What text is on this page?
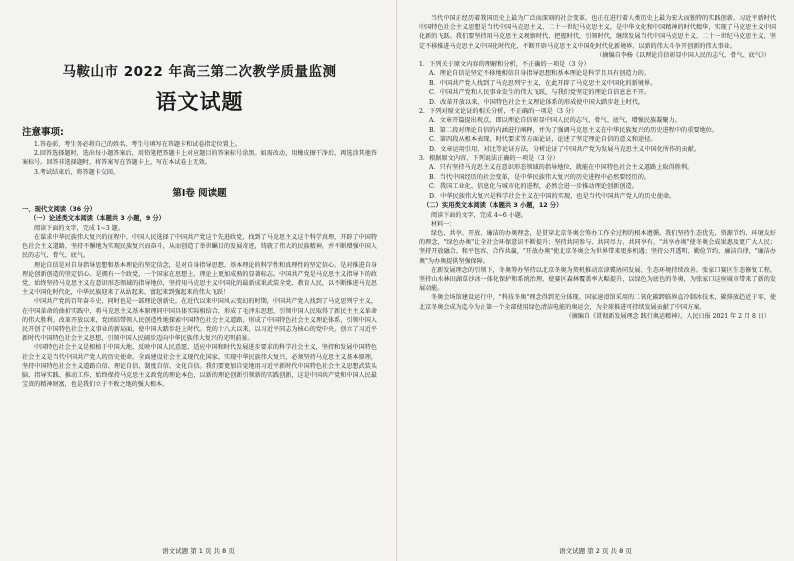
马鞍山市 2022 年高三第二次教学质量监测
语文试题
注意事项:

1.答卷前，考生务必将自己的姓名、考生号填写在答题卡和试卷指定位置上。

2.回答选择题时，选出每小题答案后，用铅笔把答题卡上对应题目的答案标号涂黑。如需改动，用橡皮擦干净后，再选涂其他答案标号。回答非选择题时，将答案写在答题卡上，写在本试卷上无效。

3.考试结束后，将答题卡交回。

第Ⅰ卷 阅读题

一、现代文阅读（36 分）

（一）论述类文本阅读（本题共 3 小题，9 分）

阅读下面的文字，完成 1~3 题。

在谋求中华民族伟大复兴的征程中，中国人民选择了中国共产党这个先进政党，找到了马克思主义这个科学真理，开辟了中国特色社会主义道路，坚持不懈地为实现民族复兴而奋斗，从而创造了举世瞩目的发展奇迹，铸就了伟大的民族精神，并不断增强中国人民的志气、骨气、底气。

理论自信是对自身指导思想和基本理论的坚定信念，是对自身指导思想、基本理论的科学性和真理性的坚定信心。是对推进自身理论创新创造的坚定信心。是拥有一个政党、一个国家在思想上、理论上更加成熟的显著标志。中国共产党是马克思主义指导下的政党，始终坚持马克思主义在意识形态领域的指导地位，坚持用马克思主义中国化的最新成果武装全党、教育人民，以不断推进马克思主义中国化时代化，中华民族迎来了从站起来、富起来到强起来的伟大飞跃！

中国共产党的百年奋斗史，同时也是一部理论创新史。在近代以来中国风云变幻的时期，中国共产党人找到了马克思列宁主义，在中国革命的曲折实践中，将马克思主义基本原理同中国具体实际相结合，形成了毛泽东思想，引领中国人民取得了新民主主义革命的伟大胜利。改革开放以来，党团结带领人民创造性地探索中国特色社会主义道路，形成了中国特色社会主义理论体系，引领中国人民开创了中国特色社会主义事业的新局面，使中国大踏步赶上时代。党的十八大以来，以习近平同志为核心的党中央，创立了习近平新时代中国特色社会主义思想，引领中国人民阔步迈向中华民族伟大复兴的光明前景。

中国特色社会主义是根植于中国大地、反映中国人民意愿、适应中国和时代发展进步要求的科学社会主义，坚持和发展中国特色社会主义是当代中国共产党人的历史使命。全面建设社会主义现代化国家、实现中华民族伟大复兴，必须坚持马克思主义基本原理，坚持中国特色社会主义道路自信、理论自信、制度自信、文化自信。我们要更加自觉地用习近平新时代中国特色社会主义思想武装头脑、指导实践、推动工作，始终保持马克思主义政党的理论本色，以新的理论创新引领新的实践创新，这是中国共产党和中国人民最宝贵的精神财富，也是我们立于不败之地的强大根本。

当代中国正经历着我国历史上最为广泛而深刻的社会变革，也正在进行着人类历史上最为宏大而独特的实践创新。习近平新时代中国特色社会主义思想是当代中国马克思主义、二十一世纪马克思主义，是中华文化和中国精神的时代精华，实现了马克思主义中国化新的飞跃。我们要坚持用马克思主义观察时代、把握时代、引领时代，继续发展当代中国马克思主义、二十一世纪马克思主义，坚定不移推进马克思主义中国化时代化，不断开辟马克思主义中国化时代化新境界，以新的伟大斗争开创新的伟大事业。

（摘编自李杨《以理论自信彰显中国人民的志气、骨气、底气》）

1．下列关于原文内容的理解和分析，不正确的一项是（3 分）

A．理论自信是坚定不移地相信自身指导思想和基本理论是科学且具有创造力的。

B．中国共产党人找到了马克思列宁主义，在此开辟了马克思主义中国化的新境界。

C．中国共产党和人民事业发生的伟大飞跃，与我们党坚定的理论自信息息不开。

D．改革开放以来，中国特色社会主义理论体系的形成使中国大踏步赶上时代。

2．下列对原文论证的相关分析，不正确的一项是（3 分）

A．文章开篇提出观点，即以理论自信彰显中国人民的志气、骨气、底气，增强民族凝聚力。

B．第二段对理论自信的内涵进行阐释，并为了强调马克思主义在中华民族复兴的历史进程中的重要地位。

C．第四段从根本表现、时代要求等方面论证，论述了坚定理论自信的意义和途径。

D．文章运用引用、对比等论证方法，分析论证了中国共产党为发展马克思主义中国化所作的贡献。

3．根据原文内容，下列说法正确的一项是（3 分）

A．只有坚持马克思主义在意识形态领域的指导地位，就能在中国特色社会主义道路上取得胜利。

B．当代中国经历的社会变革，是中华民族伟大复兴的历史进程中必然要经历的。

C．我国工业化、信息化与城市化的进程，必然会进一步推动理论创新创造。

D．中华民族伟大复兴是科学社会主义在中国的实现，也是当代中国共产党人的历史使命。

（二）实用类文本阅读（本题共 3 小题，12 分）

阅读下面的文字，完成 4~6 小题。

材料一：

绿色、共享、开放、廉洁的办奥理念，是贯穿北京冬奥会筹办工作全过程的根本遵循。我们坚持生态优先、资源节约、环境友好的理念，"绿色办奥"让全社会环保意识不断提升；坚持共同参与、共同尽力、共同享有，"共享办奥"使冬奥会成果惠及更广大人民；坚持开放融合、和平包容、合作共赢，"开放办奥"使北京冬奥会为世界带来更多机遇；坚持公开透明、勤俭节约、廉洁自律，"廉洁办奥"为办奥提供坚强保障。

在新发展理念的引领下，冬奥筹办坚持以北京冬奥为契机推动京津冀协同发展、生态环境持续改善。张家口赛区生态修复工程，坚持山水林田湖草沙冰一体化保护和系统治理，使赛区森林覆盖率大幅提升，以绿色为底色的冬奥，为张家口这座城市带来了新的发展动能。

冬奥会场馆建设运行中，"科技冬奥"理念得到充分体现。国家速滑馆采用的二氧化碳跨临界直冷制冰技术，碳排放趋近于零，使北京冬奥会成为迄今为止第一个全部使用绿色清洁电能的奥运会，为全球推进可持续发展贡献了中国方案。

（摘编自《贯彻新发展理念 践行奥运精神》，人民日报 2021 年 2 月 8 日）

语文试题 第 1 页 共 8 页	语文试题 第 2 页 共 8 页
